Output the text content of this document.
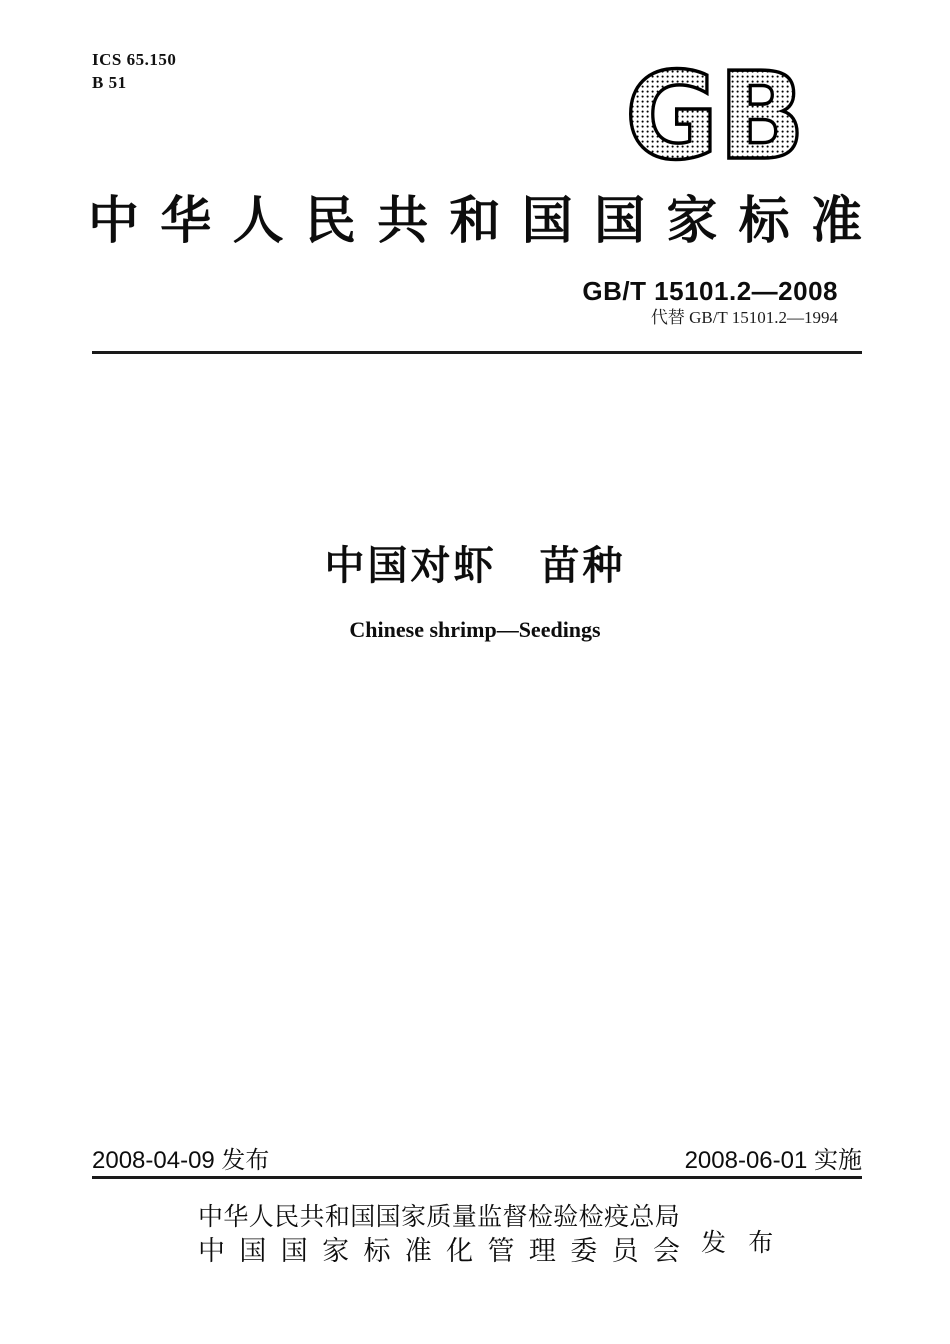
ICS 65.150
B 51	GB
中 华 人 民 共 和 国 国 家 标 准
GB/T 15101.2—2008
代替 GB/T 15101.2—1994
中国对虾　苗种
Chinese shrimp—Seedings
2008-04-09 发布	2008-06-01 实施
中 华 人 民 共 和 国 国 家 质 量 监 督 检 验 检 疫 总 局
中 国 国 家 标 准 化 管 理 委 员 会 发 布
